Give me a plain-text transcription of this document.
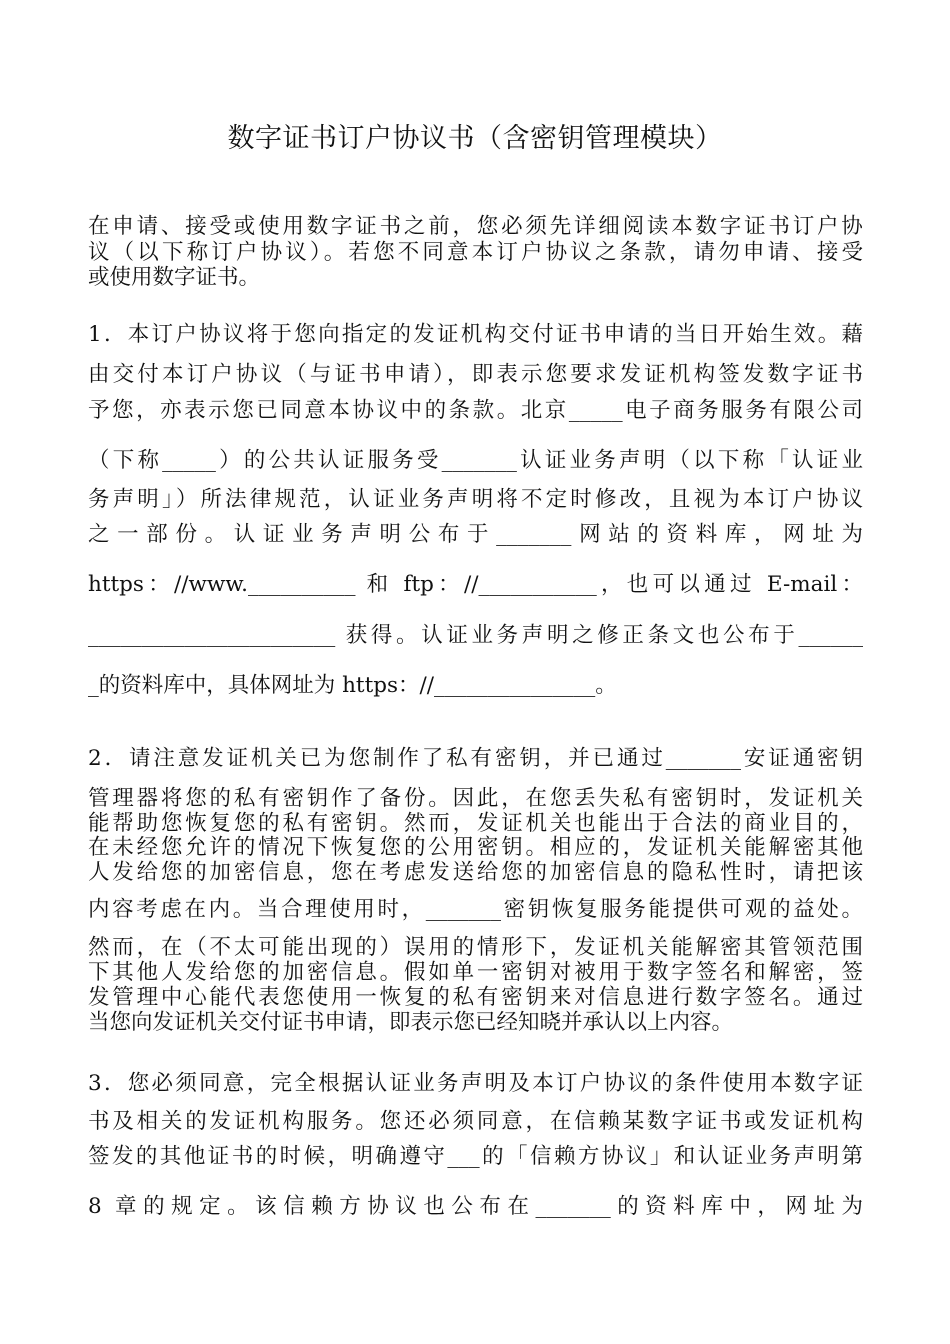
数字证书订户协议书（含密钥管理模块）
在申请、接受或使用数字证书之前，您必须先详细阅读本数字证书订户协
议（以下称订户协议）。若您不同意本订户协议之条款，请勿申请、接受
或使用数字证书。
1．本订户协议将于您向指定的发证机构交付证书申请的当日开始生效。藉
由交付本订户协议（与证书申请），即表示您要求发证机构签发数字证书
予您，亦表示您已同意本协议中的条款。北京_____电子商务服务有限公司
（下称_____）的公共认证服务受_______认证业务声明（以下称「认证业
务声明」）所法律规范，认证业务声明将不定时修改，且视为本订户协议
之一部份。认证业务声明公布于_______网站的资料库，网址为
https：//www.__________ 和 ftp：//___________，也可以通过 E-mail：
_______________________ 获得。认证业务声明之修正条文也公布于______
_的资料库中，具体网址为 https：//_______________。
2．请注意发证机关已为您制作了私有密钥，并已通过_______安证通密钥
管理器将您的私有密钥作了备份。因此，在您丢失私有密钥时，发证机关
能帮助您恢复您的私有密钥。然而，发证机关也能出于合法的商业目的，
在未经您允许的情况下恢复您的公用密钥。相应的，发证机关能解密其他
人发给您的加密信息，您在考虑发送给您的加密信息的隐私性时，请把该
内容考虑在内。当合理使用时，_______密钥恢复服务能提供可观的益处。
然而，在（不太可能出现的）误用的情形下，发证机关能解密其管领范围
下其他人发给您的加密信息。假如单一密钥对被用于数字签名和解密，签
发管理中心能代表您使用一恢复的私有密钥来对信息进行数字签名。通过
当您向发证机关交付证书申请，即表示您已经知晓并承认以上内容。
3．您必须同意，完全根据认证业务声明及本订户协议的条件使用本数字证
书及相关的发证机构服务。您还必须同意，在信赖某数字证书或发证机构
签发的其他证书的时候，明确遵守___的「信赖方协议」和认证业务声明第
8 章的规定。该信赖方协议也公布在_______的资料库中，网址为
